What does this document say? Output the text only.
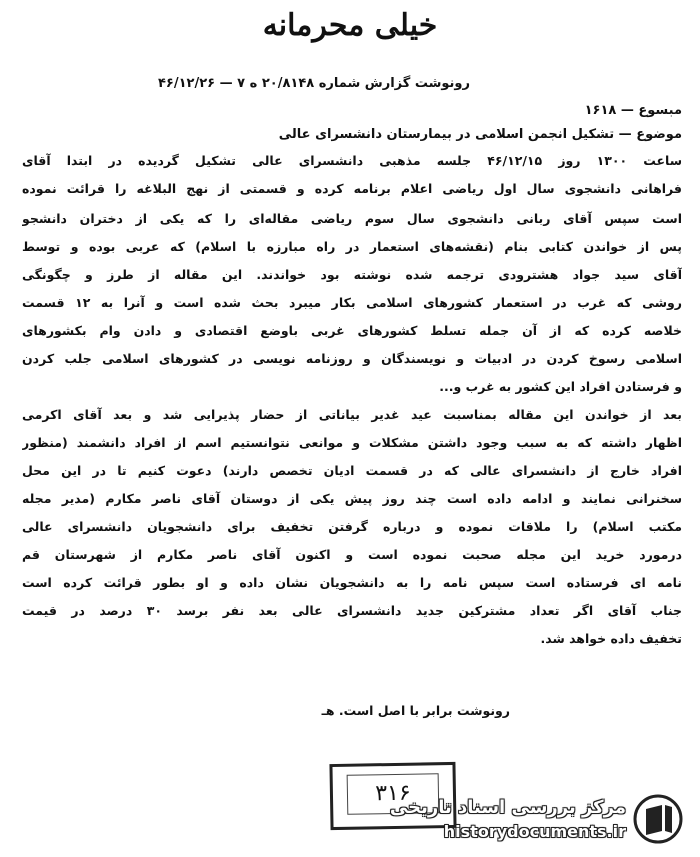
خیلی محرمانه
رونوشت گزارش شماره ۲۰/۸۱۴۸ ه ۷ — ۴۶/۱۲/۲۶
مبسوع — ۱۶۱۸
موضوع — تشکیل انجمن اسلامی در بیمارستان دانشسرای عالی
ساعت ۱۳۰۰ روز ۴۶/۱۲/۱۵ جلسه مذهبی دانشسرای عالی تشکیل گردیده در ابتدا آقای
فراهانی دانشجوی سال اول ریاضی اعلام برنامه کرده و قسمتی از نهج البلاغه را قرائت نموده
است سپس آقای ربانی دانشجوی سال سوم ریاضی مقاله‌ای را که یکی از دختران دانشجو
پس از خواندن کتابی بنام (نقشه‌های استعمار در راه مبارزه با اسلام) که عربی بوده و توسط
آقای سید جواد هشترودی ترجمه شده نوشته بود خواندند. این مقاله از طرز و چگونگی
روشی که غرب در استعمار کشورهای اسلامی بکار میبرد بحث شده است و آنرا به ۱۲ قسمت
خلاصه کرده که از آن جمله تسلط کشورهای غربی باوضع اقتصادی و دادن وام بکشورهای
اسلامی رسوخ کردن در ادبیات و نویسندگان و روزنامه نویسی در کشورهای اسلامی جلب کردن
و فرستادن افراد این کشور به غرب و...
بعد از خواندن این مقاله بمناسبت عید غدیر بیاناتی از حضار پذیرایی شد و بعد آقای اکرمی
اظهار داشته که به سبب وجود داشتن مشکلات و موانعی نتوانستیم اسم از افراد دانشمند (منظور
افراد خارج از دانشسرای عالی که در قسمت ادیان تخصص دارند) دعوت کنیم تا در این محل
سخنرانی نمایند و ادامه داده است چند روز پیش یکی از دوستان آقای ناصر مکارم (مدیر مجله
مکتب اسلام) را ملاقات نموده و درباره گرفتن تخفیف برای دانشجویان دانشسرای عالی
درمورد خرید این مجله صحبت نموده است و اکنون آقای ناصر مکارم از شهرستان قم
نامه ای فرستاده است سپس نامه را به دانشجویان نشان داده و او بطور قرائت کرده است
جناب آقای اگر تعداد مشترکین جدید دانشسرای عالی بعد نفر برسد ۳۰ درصد در قیمت
تخفیف داده خواهد شد.
رونوشت برابر با اصل است. هـ
۳۱۶
مرکز بررسی اسناد تاریخی
historydocuments.ir
